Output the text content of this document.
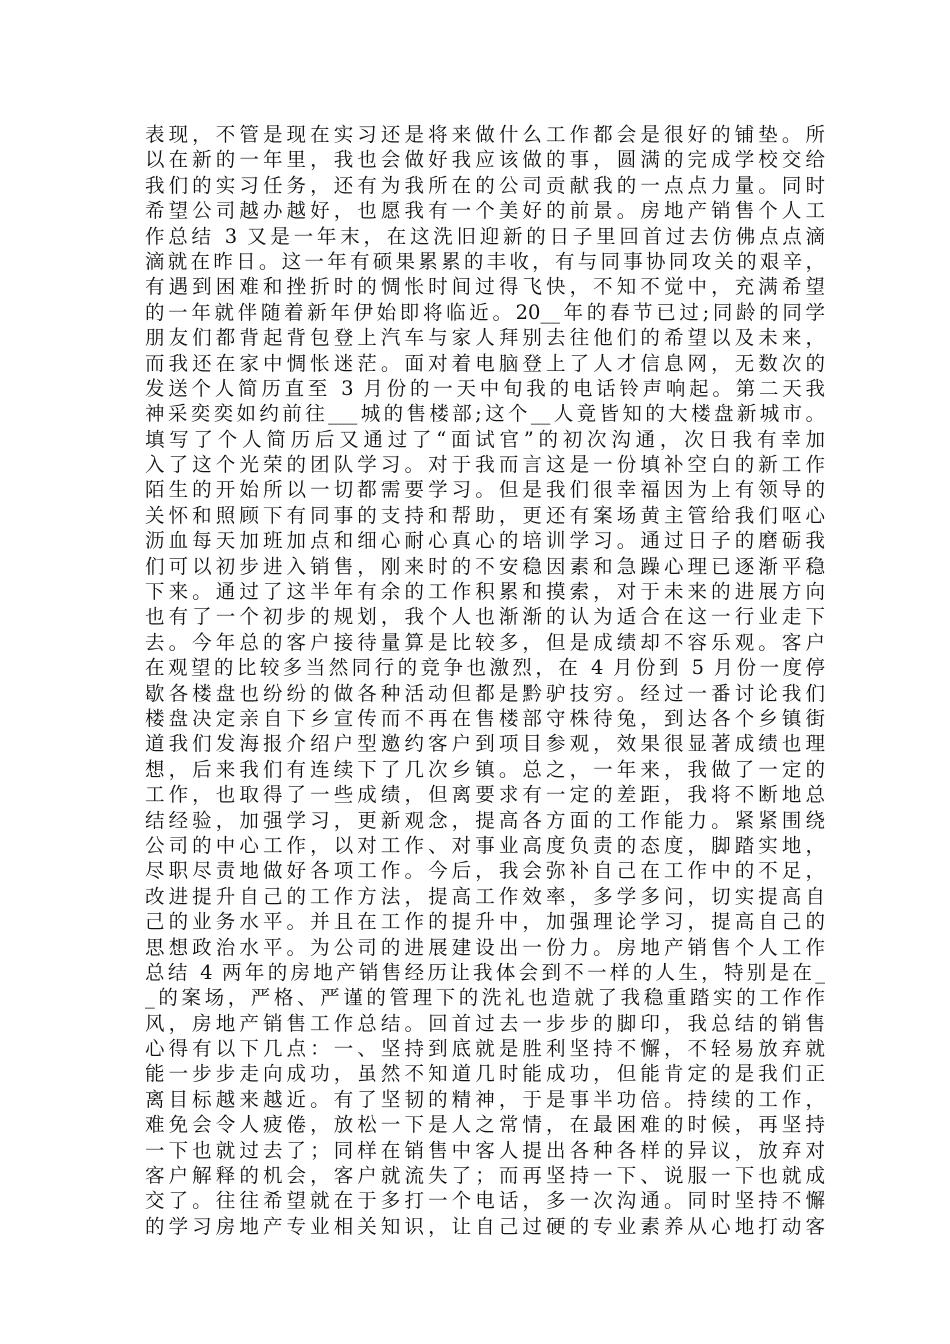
表现，不管是现在实习还是将来做什么工作都会是很好的铺垫。所
以在新的一年里，我也会做好我应该做的事，圆满的完成学校交给
我们的实习任务，还有为我所在的公司贡献我的一点点力量。同时
希望公司越办越好，也愿我有一个美好的前景。房地产销售个人工
作总结 3 又是一年末，在这洗旧迎新的日子里回首过去仿佛点点滴
滴就在昨日。这一年有硕果累累的丰收，有与同事协同攻关的艰辛，
有遇到困难和挫折时的惆怅时间过得飞快，不知不觉中，充满希望
的一年就伴随着新年伊始即将临近。20__年的春节已过;同龄的同学
朋友们都背起背包登上汽车与家人拜别去往他们的希望以及未来，
而我还在家中惆怅迷茫。面对着电脑登上了人才信息网，无数次的
发送个人简历直至 3 月份的一天中旬我的电话铃声响起。第二天我
神采奕奕如约前往___城的售楼部;这个__人竟皆知的大楼盘新城市。
填写了个人简历后又通过了“面试官”的初次沟通，次日我有幸加
入了这个光荣的团队学习。对于我而言这是一份填补空白的新工作
陌生的开始所以一切都需要学习。但是我们很幸福因为上有领导的
关怀和照顾下有同事的支持和帮助，更还有案场黄主管给我们呕心
沥血每天加班加点和细心耐心真心的培训学习。通过日子的磨砺我
们可以初步进入销售，刚来时的不安稳因素和急躁心理已逐渐平稳
下来。通过了这半年有余的工作积累和摸索，对于未来的进展方向
也有了一个初步的规划，我个人也渐渐的认为适合在这一行业走下
去。今年总的客户接待量算是比较多，但是成绩却不容乐观。客户
在观望的比较多当然同行的竞争也激烈，在 4 月份到 5 月份一度停
歇各楼盘也纷纷的做各种活动但都是黔驴技穷。经过一番讨论我们
楼盘决定亲自下乡宣传而不再在售楼部守株待兔，到达各个乡镇街
道我们发海报介绍户型邀约客户到项目参观，效果很显著成绩也理
想，后来我们有连续下了几次乡镇。总之，一年来，我做了一定的
工作，也取得了一些成绩，但离要求有一定的差距，我将不断地总
结经验，加强学习，更新观念，提高各方面的工作能力。紧紧围绕
公司的中心工作，以对工作、对事业高度负责的态度，脚踏实地，
尽职尽责地做好各项工作。今后，我会弥补自己在工作中的不足，
改进提升自己的工作方法，提高工作效率，多学多问，切实提高自
己的业务水平。并且在工作的提升中，加强理论学习，提高自己的
思想政治水平。为公司的进展建设出一份力。房地产销售个人工作
总结 4 两年的房地产销售经历让我体会到不一样的人生，特别是在_
_的案场，严格、严谨的管理下的洗礼也造就了我稳重踏实的工作作
风，房地产销售工作总结。回首过去一步步的脚印，我总结的销售
心得有以下几点：一、坚持到底就是胜利坚持不懈，不轻易放弃就
能一步步走向成功，虽然不知道几时能成功，但能肯定的是我们正
离目标越来越近。有了坚韧的精神，于是事半功倍。持续的工作，
难免会令人疲倦，放松一下是人之常情，在最困难的时候，再坚持
一下也就过去了；同样在销售中客人提出各种各样的异议，放弃对
客户解释的机会，客户就流失了；而再坚持一下、说服一下也就成
交了。往往希望就在于多打一个电话，多一次沟通。同时坚持不懈
的学习房地产专业相关知识，让自己过硬的专业素养从心地打动客
